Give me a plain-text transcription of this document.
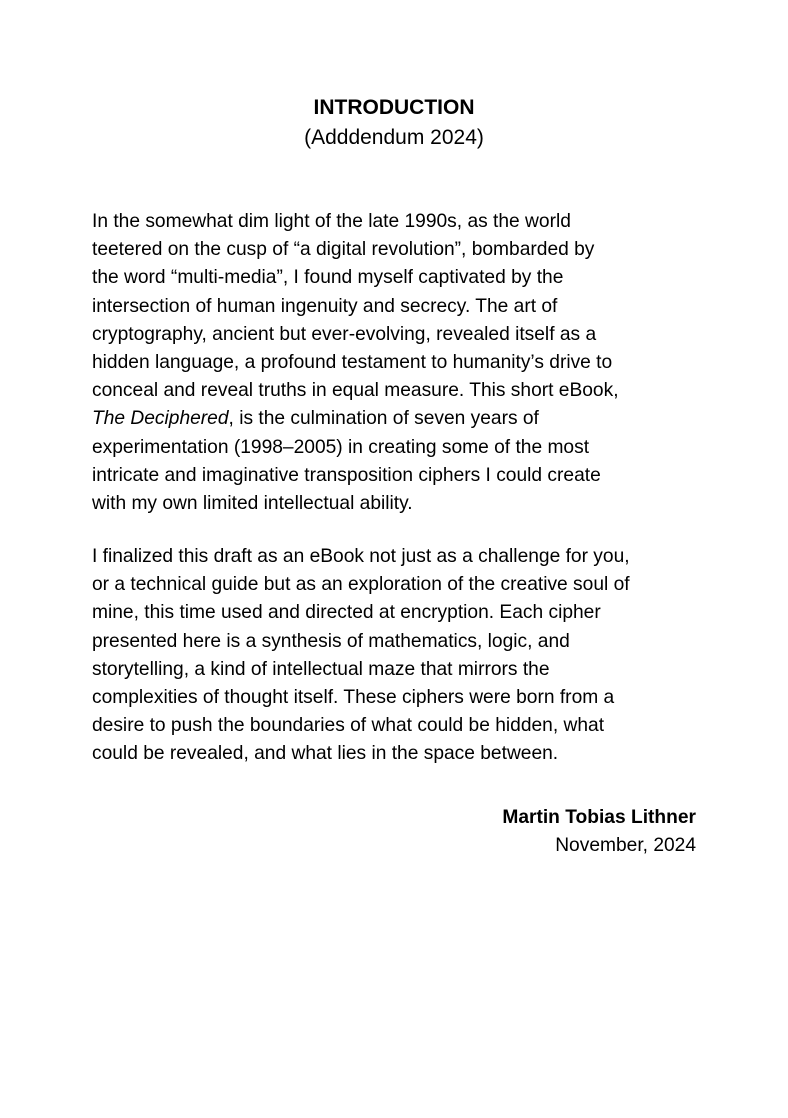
INTRODUCTION
(Adddendum 2024)

In the somewhat dim light of the late 1990s, as the world
teetered on the cusp of “a digital revolution”, bombarded by
the word “multi-media”, I found myself captivated by the
intersection of human ingenuity and secrecy. The art of
cryptography, ancient but ever-evolving, revealed itself as a
hidden language, a profound testament to humanity’s drive to
conceal and reveal truths in equal measure. This short eBook,
The Deciphered, is the culmination of seven years of
experimentation (1998–2005) in creating some of the most
intricate and imaginative transposition ciphers I could create
with my own limited intellectual ability.

I finalized this draft as an eBook not just as a challenge for you,
or a technical guide but as an exploration of the creative soul of
mine, this time used and directed at encryption. Each cipher
presented here is a synthesis of mathematics, logic, and
storytelling, a kind of intellectual maze that mirrors the
complexities of thought itself. These ciphers were born from a
desire to push the boundaries of what could be hidden, what
could be revealed, and what lies in the space between.

Martin Tobias Lithner
November, 2024
